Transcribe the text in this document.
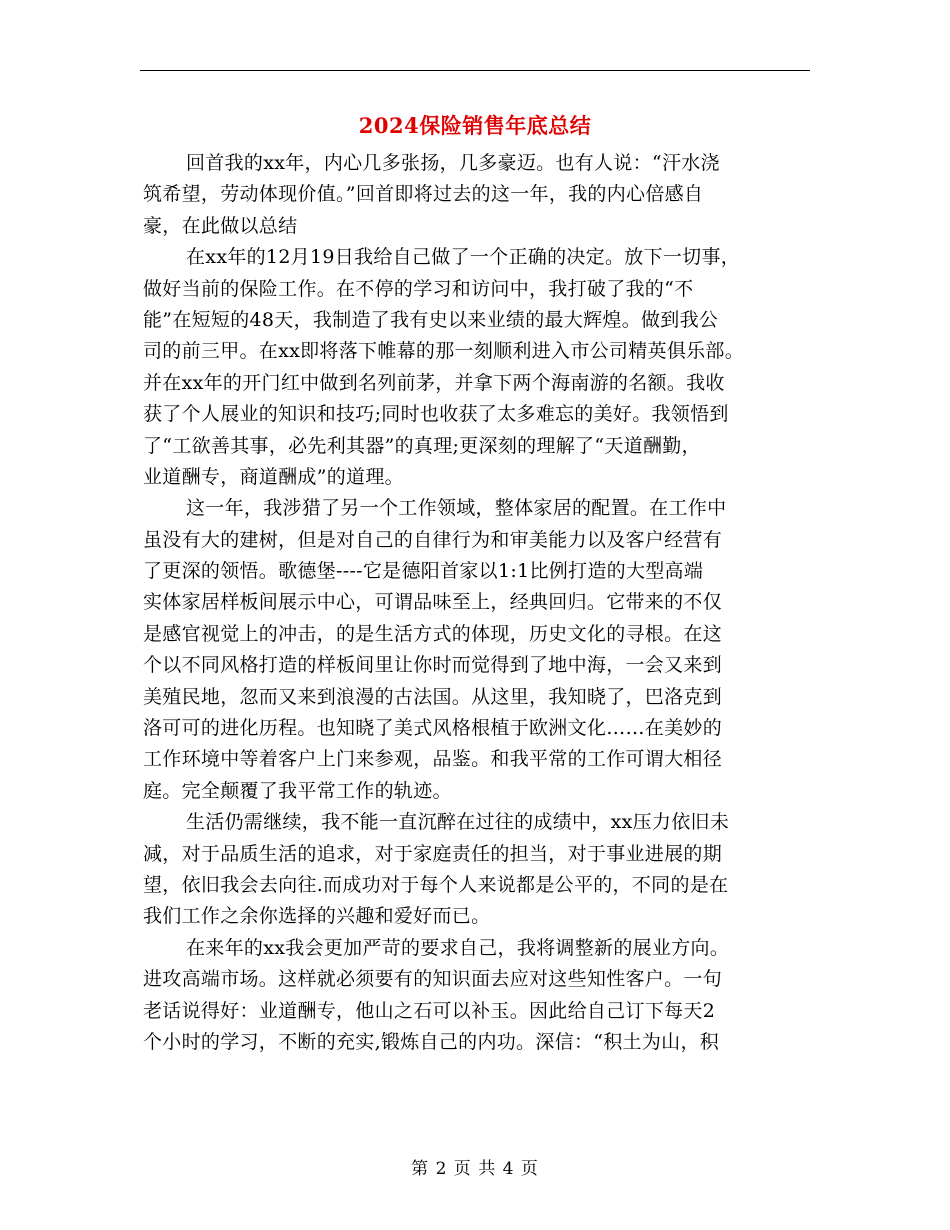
2024保险销售年底总结
回首我的xx年，内心几多张扬，几多豪迈。也有人说：“汗水浇
筑希望，劳动体现价值。”回首即将过去的这一年，我的内心倍感自
豪，在此做以总结
在xx年的12月19日我给自己做了一个正确的决定。放下一切事，
做好当前的保险工作。在不停的学习和访问中，我打破了我的“不
能”在短短的48天，我制造了我有史以来业绩的最大辉煌。做到我公
司的前三甲。在xx即将落下帷幕的那一刻顺利进入市公司精英俱乐部。
并在xx年的开门红中做到名列前茅，并拿下两个海南游的名额。我收
获了个人展业的知识和技巧;同时也收获了太多难忘的美好。我领悟到
了“工欲善其事，必先利其器”的真理;更深刻的理解了“天道酬勤，
业道酬专，商道酬成”的道理。
这一年，我涉猎了另一个工作领域，整体家居的配置。在工作中
虽没有大的建树，但是对自己的自律行为和审美能力以及客户经营有
了更深的领悟。歌德堡----它是德阳首家以1:1比例打造的大型高端
实体家居样板间展示中心，可谓品味至上，经典回归。它带来的不仅
是感官视觉上的冲击，的是生活方式的体现，历史文化的寻根。在这
个以不同风格打造的样板间里让你时而觉得到了地中海，一会又来到
美殖民地，忽而又来到浪漫的古法国。从这里，我知晓了，巴洛克到
洛可可的进化历程。也知晓了美式风格根植于欧洲文化……在美妙的
工作环境中等着客户上门来参观，品鉴。和我平常的工作可谓大相径
庭。完全颠覆了我平常工作的轨迹。
生活仍需继续，我不能一直沉醉在过往的成绩中，xx压力依旧未
减，对于品质生活的追求，对于家庭责任的担当，对于事业进展的期
望，依旧我会去向往.而成功对于每个人来说都是公平的，不同的是在
我们工作之余你选择的兴趣和爱好而已。
在来年的xx我会更加严苛的要求自己，我将调整新的展业方向。
进攻高端市场。这样就必须要有的知识面去应对这些知性客户。一句
老话说得好：业道酬专，他山之石可以补玉。因此给自己订下每天2
个小时的学习，不断的充实,锻炼自己的内功。深信：“积土为山，积
第 2 页 共 4 页
